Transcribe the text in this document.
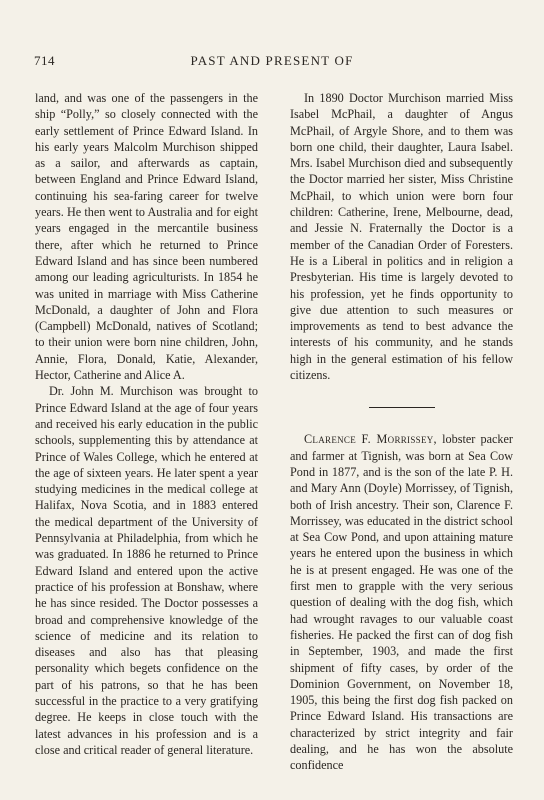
714	PAST AND PRESENT OF

land, and was one of the passengers in the ship “Polly,” so closely connected with the early settlement of Prince Edward Island. In his early years Malcolm Murchison shipped as a sailor, and afterwards as captain, between England and Prince Edward Island, continuing his sea-faring career for twelve years. He then went to Australia and for eight years engaged in the mercantile business there, after which he returned to Prince Edward Island and has since been numbered among our leading agriculturists. In 1854 he was united in marriage with Miss Catherine McDonald, a daughter of John and Flora (Campbell) McDonald, natives of Scotland; to their union were born nine children, John, Annie, Flora, Donald, Katie, Alexander, Hector, Catherine and Alice A.

Dr. John M. Murchison was brought to Prince Edward Island at the age of four years and received his early education in the public schools, supplementing this by attendance at Prince of Wales College, which he entered at the age of sixteen years. He later spent a year studying medicines in the medical college at Halifax, Nova Scotia, and in 1883 entered the medical department of the University of Pennsylvania at Philadelphia, from which he was graduated. In 1886 he returned to Prince Edward Island and entered upon the active practice of his profession at Bonshaw, where he has since resided. The Doctor possesses a broad and comprehensive knowledge of the science of medicine and its relation to diseases and also has that pleasing personality which begets confidence on the part of his patrons, so that he has been successful in the practice to a very gratifying degree. He keeps in close touch with the latest advances in his profession and is a close and critical reader of general literature.

In 1890 Doctor Murchison married Miss Isabel McPhail, a daughter of Angus McPhail, of Argyle Shore, and to them was born one child, their daughter, Laura Isabel. Mrs. Isabel Murchison died and subsequently the Doctor married her sister, Miss Christine McPhail, to which union were born four children: Catherine, Irene, Melbourne, dead, and Jessie N. Fraternally the Doctor is a member of the Canadian Order of Foresters. He is a Liberal in politics and in religion a Presbyterian. His time is largely devoted to his profession, yet he finds opportunity to give due attention to such measures or improvements as tend to best advance the interests of his community, and he stands high in the general estimation of his fellow citizens.

Clarence F. Morrissey, lobster packer and farmer at Tignish, was born at Sea Cow Pond in 1877, and is the son of the late P. H. and Mary Ann (Doyle) Morrissey, of Tignish, both of Irish ancestry. Their son, Clarence F. Morrissey, was educated in the district school at Sea Cow Pond, and upon attaining mature years he entered upon the business in which he is at present engaged. He was one of the first men to grapple with the very serious question of dealing with the dog fish, which had wrought ravages to our valuable coast fisheries. He packed the first can of dog fish in September, 1903, and made the first shipment of fifty cases, by order of the Dominion Government, on November 18, 1905, this being the first dog fish packed on Prince Edward Island. His transactions are characterized by strict integrity and fair dealing, and he has won the absolute confidence
